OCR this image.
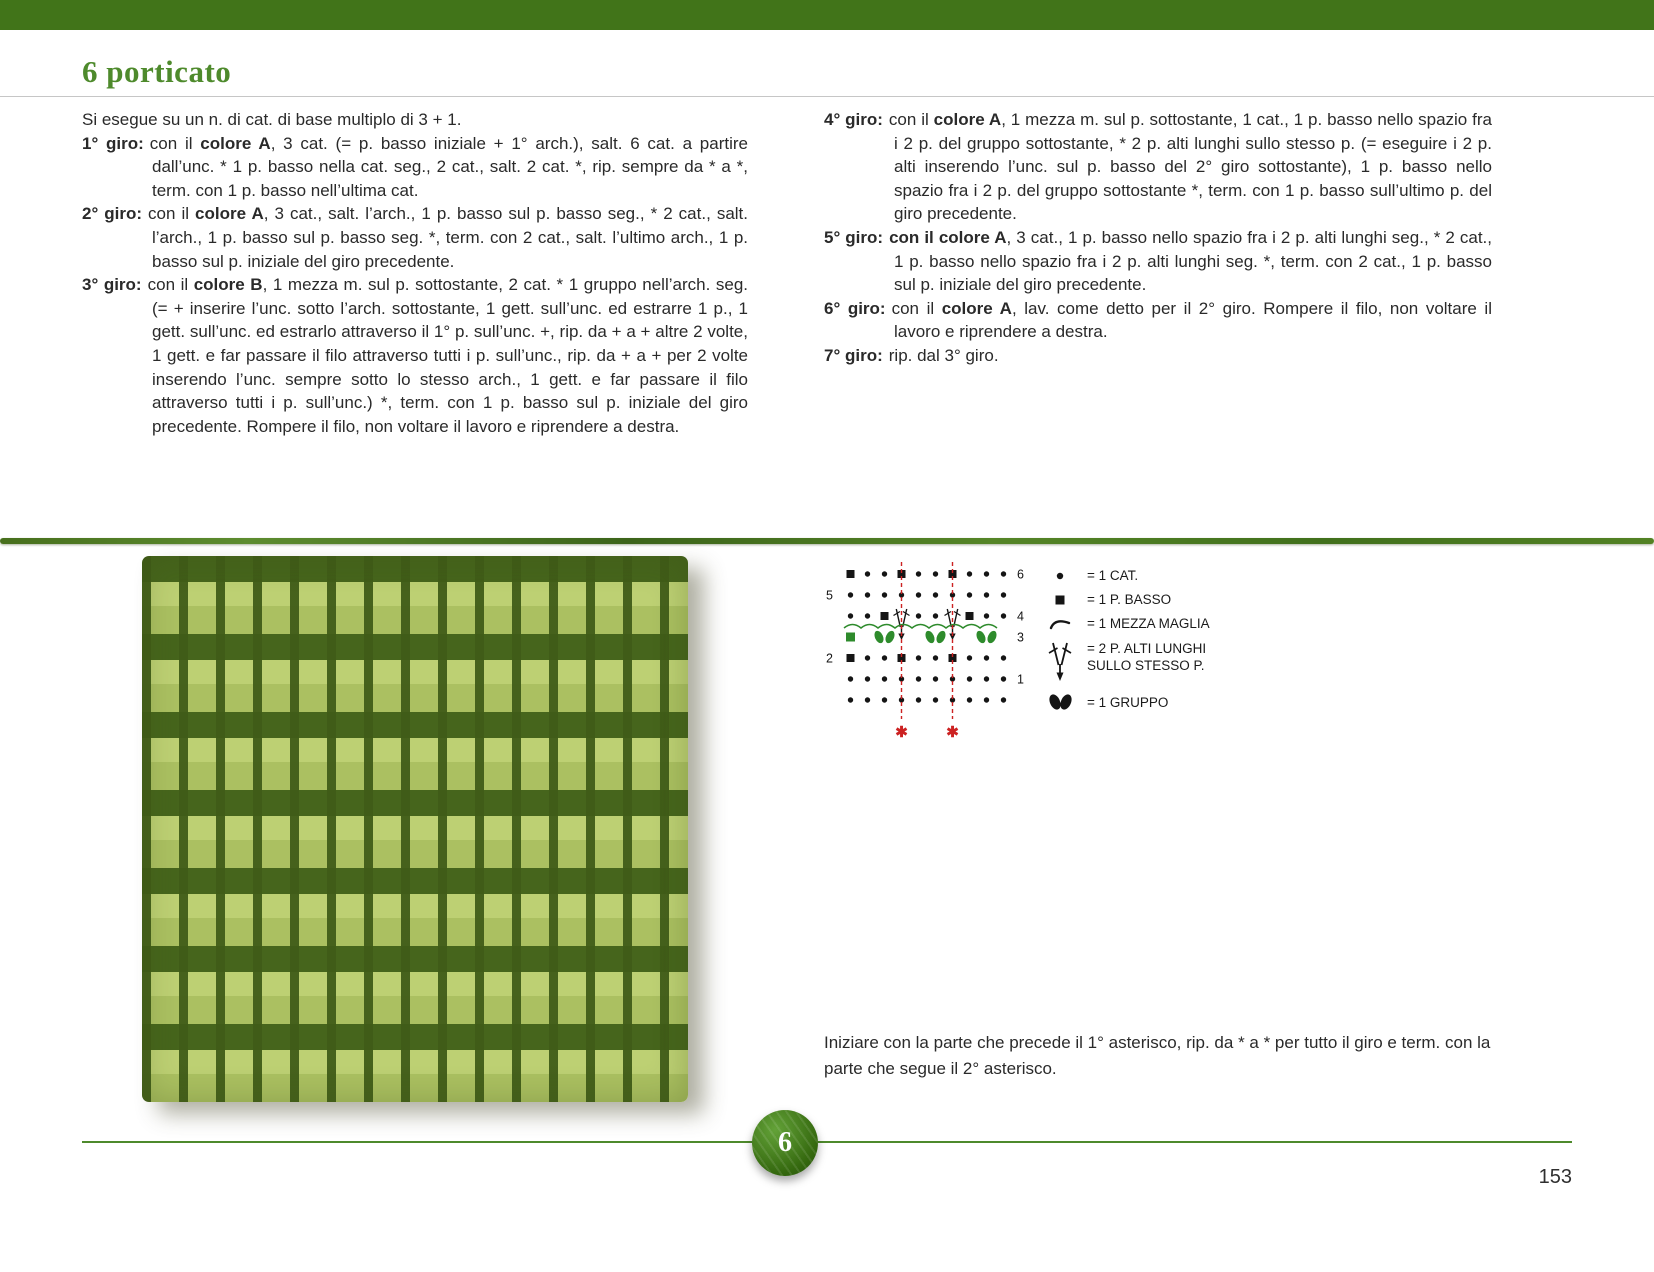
6 porticato

Si esegue su un n. di cat. di base multiplo di 3 + 1.

1° giro: con il colore A, 3 cat. (= p. basso iniziale + 1° arch.), salt. 6 cat. a partire dall’unc. * 1 p. basso nella cat. seg., 2 cat., salt. 2 cat. *, rip. sempre da * a *, term. con 1 p. basso nell’ultima cat.

2° giro: con il colore A, 3 cat., salt. l’arch., 1 p. basso sul p. basso seg., * 2 cat., salt. l’arch., 1 p. basso sul p. basso seg. *, term. con 2 cat., salt. l’ultimo arch., 1 p. basso sul p. iniziale del giro precedente.

3° giro: con il colore B, 1 mezza m. sul p. sottostante, 2 cat. * 1 gruppo nell’arch. seg. (= + inserire l’unc. sotto l’arch. sottostante, 1 gett. sull’unc. ed estrarre 1 p., 1 gett. sull’unc. ed estrarlo attraverso il 1° p. sull’unc. +, rip. da + a + altre 2 volte, 1 gett. e far passare il filo attraverso tutti i p. sull’unc., rip. da + a + per 2 volte inserendo l’unc. sempre sotto lo stesso arch., 1 gett. e far passare il filo attraverso tutti i p. sull’unc.) *, term. con 1 p. basso sul p. iniziale del giro precedente. Rompere il filo, non voltare il lavoro e riprendere a destra.

4° giro: con il colore A, 1 mezza m. sul p. sottostante, 1 cat., 1 p. basso nello spazio fra i 2 p. del gruppo sottostante, * 2 p. alti lunghi sullo stesso p. (= eseguire i 2 p. alti inserendo l’unc. sul p. basso del 2° giro sottostante), 1 p. basso nello spazio fra i 2 p. del gruppo sottostante *, term. con 1 p. basso sull’ultimo p. del giro precedente.

5° giro: con il colore A, 3 cat., 1 p. basso nello spazio fra i 2 p. alti lunghi seg., * 2 cat., 1 p. basso nello spazio fra i 2 p. alti lunghi seg. *, term. con 2 cat., 1 p. basso sul p. iniziale del giro precedente.

6° giro: con il colore A, lav. come detto per il 2° giro. Rompere il filo, non voltare il lavoro e riprendere a destra.

7° giro: rip. dal 3° giro.

6
5
4
3
2
1
✱	✱
= 1 CAT.
= 1 P. BASSO
= 1 MEZZA MAGLIA
= 2 P. ALTI LUNGHI
SULLO STESSO P.
= 1 GRUPPO
Iniziare con la parte che precede il 1° asterisco, rip. da * a * per tutto il giro e term. con la parte che segue il 2° asterisco.
6
153
